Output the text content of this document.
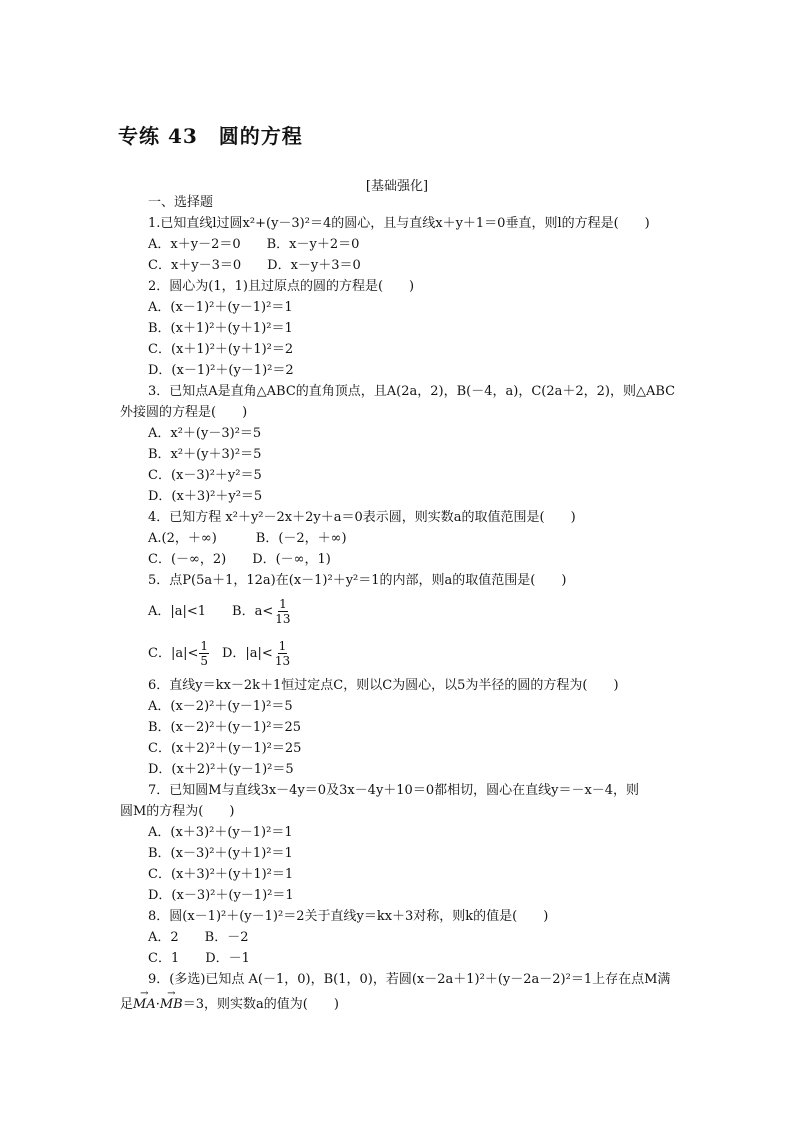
专练 43　圆的方程
[基础强化]
一、选择题
1.已知直线l过圆x²+(y－3)²＝4的圆心，且与直线x＋y＋1＝0垂直，则l的方程是(　　)
A．x＋y－2＝0　　B．x－y＋2＝0
C．x＋y－3＝0　　D．x－y＋3＝0
2．圆心为(1，1)且过原点的圆的方程是(　　)
A．(x－1)²＋(y－1)²＝1
B．(x＋1)²＋(y＋1)²＝1
C．(x＋1)²＋(y＋1)²＝2
D．(x－1)²＋(y－1)²＝2
3．已知点A是直角△ABC的直角顶点，且A(2a，2)，B(－4，a)，C(2a＋2，2)，则△ABC
外接圆的方程是(　　)
A．x²＋(y－3)²＝5
B．x²＋(y＋3)²＝5
C．(x－3)²＋y²＝5
D．(x＋3)²＋y²＝5
4．已知方程 x²＋y²－2x＋2y＋a＝0表示圆，则实数a的取值范围是(　　)
A.(2，＋∞)　　　B．(－2，＋∞)
C．(－∞，2)　　D．(－∞，1)
5．点P(5a＋1，12a)在(x－1)²＋y²＝1的内部，则a的取值范围是(　　)
A．|a|<1　　B．$a< \frac{1}{13}$
C．$|a|< \frac{1}{5}$ 　D．$|a|< \frac{1}{13}$
6．直线y＝kx－2k＋1恒过定点C，则以C为圆心，以5为半径的圆的方程为(　　)
A．(x－2)²＋(y－1)²＝5
B．(x－2)²＋(y－1)²＝25
C．(x＋2)²＋(y－1)²＝25
D．(x＋2)²＋(y－1)²＝5
7．已知圆M与直线3x－4y＝0及3x－4y＋10＝0都相切，圆心在直线y＝－x－4，则
圆M的方程为(　　)
A．(x＋3)²＋(y－1)²＝1
B．(x－3)²＋(y＋1)²＝1
C．(x＋3)²＋(y＋1)²＝1
D．(x－3)²＋(y－1)²＝1
8．圆(x－1)²＋(y－1)²＝2关于直线y＝kx＋3对称，则k的值是(　　)
A．2　　B．－2
C．1　　D．－1
9．(多选)已知点 A(－1，0)，B(1，0)，若圆(x－2a＋1)²＋(y－2a－2)²＝1上存在点M满
足→ MA·→ MB＝3，则实数a的值为(　　)
